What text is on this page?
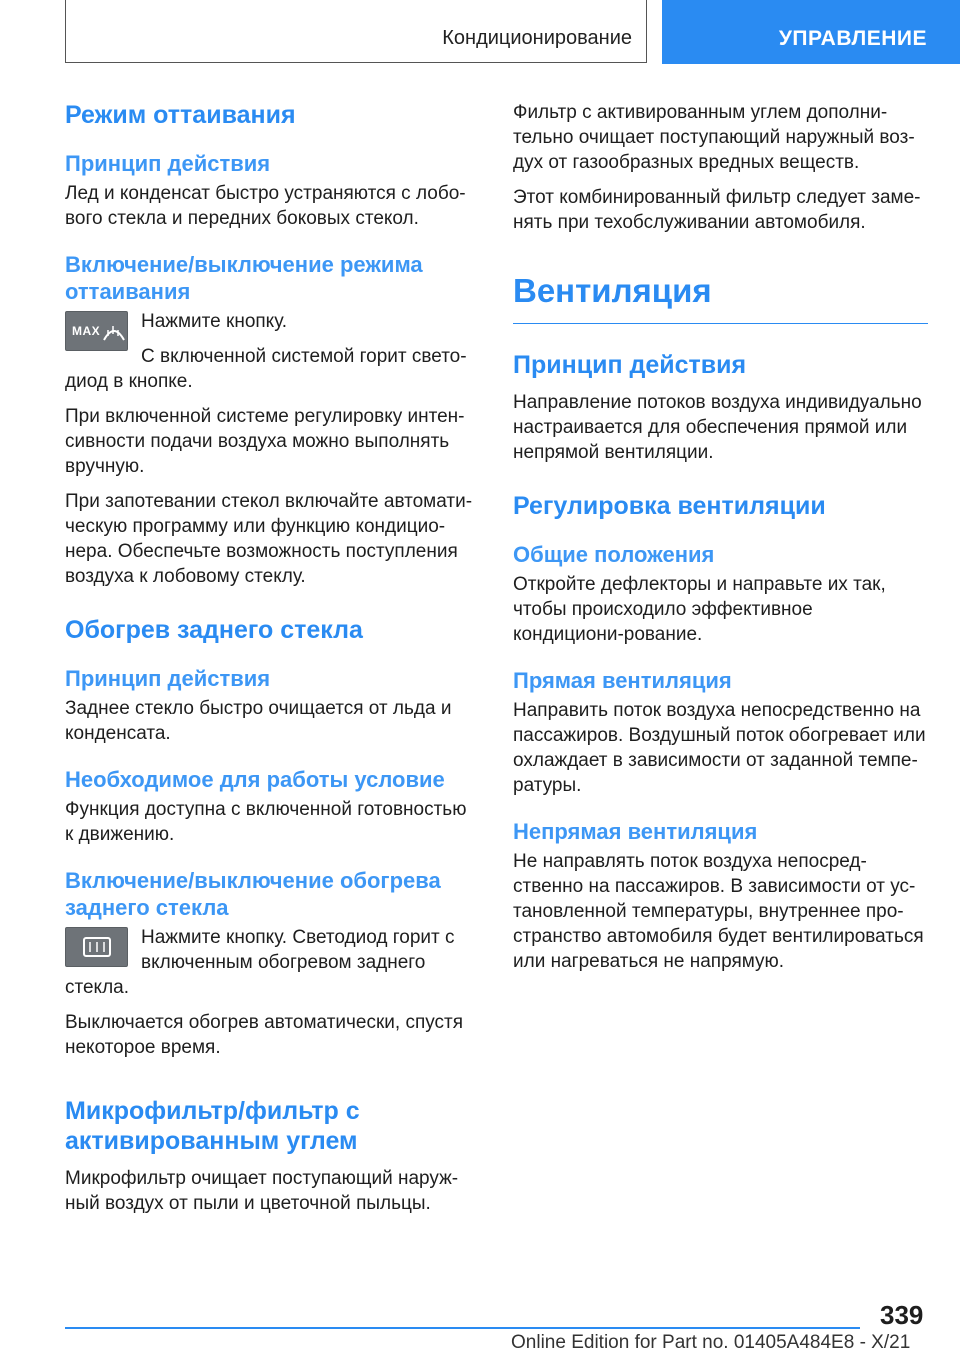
Кондиционирование	УПРАВЛЕНИЕ
Режим оттаивания
Принцип действия

Лед и конденсат быстро устраняются с лобо-вого стекла и передних боковых стекол.

Включение/выключение режима оттаивания
MAX	Нажмите кнопку.

С включенной системой горит свето-диод в кнопке.

При включенной системе регулировку интен-сивности подачи воздуха можно выполнять вручную.

При запотевании стекол включайте автомати-ческую программу или функцию кондицио-нера. Обеспечьте возможность поступления воздуха к лобовому стеклу.

Обогрев заднего стекла
Принцип действия

Заднее стекло быстро очищается от льда и конденсата.

Необходимое для работы условие

Функция доступна с включенной готовностью к движению.

Включение/выключение обогрева заднего стекла

Нажмите кнопку. Светодиод горит с включенным обогревом заднего стекла.

Выключается обогрев автоматически, спустя некоторое время.

Микрофильтр/фильтр с активированным углем

Микрофильтр очищает поступающий наруж-ный воздух от пыли и цветочной пыльцы.

Фильтр с активированным углем дополни-тельно очищает поступающий наружный воз-дух от газообразных вредных веществ.

Этот комбинированный фильтр следует заме-нять при техобслуживании автомобиля.

Вентиляция
Принцип действия

Направление потоков воздуха индивидуально настраивается для обеспечения прямой или непрямой вентиляции.

Регулировка вентиляции
Общие положения

Откройте дефлекторы и направьте их так, чтобы происходило эффективное кондициони-рование.

Прямая вентиляция

Направить поток воздуха непосредственно на пассажиров. Воздушный поток обогревает или охлаждает в зависимости от заданной темпе-ратуры.

Непрямая вентиляция

Не направлять поток воздуха непосред-ственно на пассажиров. В зависимости от ус-тановленной температуры, внутреннее про-странство автомобиля будет вентилироваться или нагреваться не напрямую.

339
Online Edition for Part no. 01405A484E8 - X/21
